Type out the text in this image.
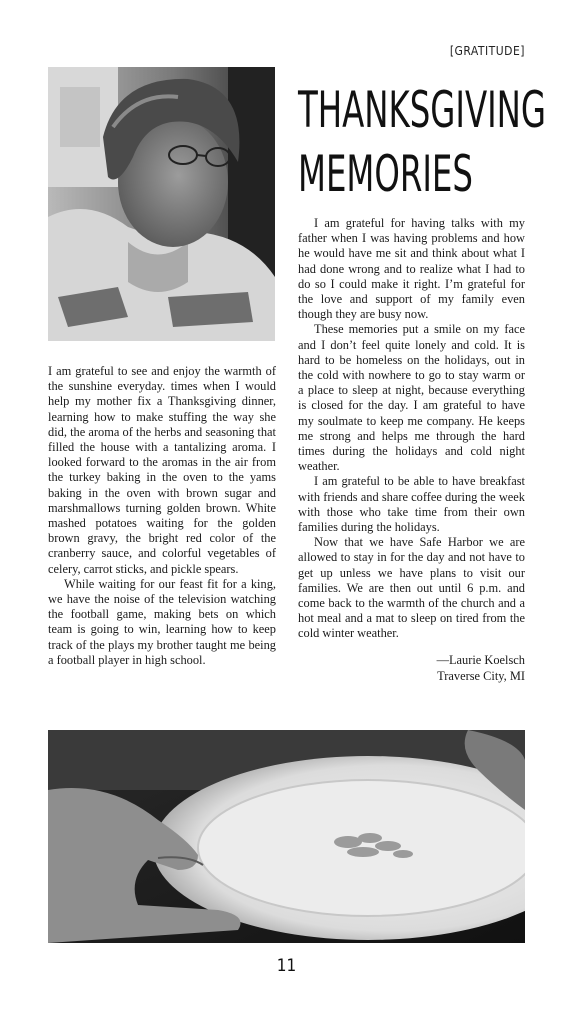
[GRATITUDE]
THANKSGIVING
MEMORIES

I am grateful to see and enjoy the warmth of the sunshine everyday. times when I would help my mother fix a Thanksgiving dinner, learning how to make stuffing the way she did, the aroma of the herbs and seasoning that filled the house with a tantalizing aroma. I looked forward to the aromas in the air from the turkey baking in the oven to the yams baking in the oven with brown sugar and marshmallows turning golden brown. White mashed potatoes waiting for the golden brown gravy, the bright red color of the cranberry sauce, and colorful vegetables of celery, carrot sticks, and pickle spears.

While waiting for our feast fit for a king, we have the noise of the television watching the football game, making bets on which team is going to win, learning how to keep track of the plays my brother taught me being a football player in high school.

I am grateful for having talks with my father when I was having problems and how he would have me sit and think about what I had done wrong and to realize what I had to do so I could make it right. I’m grateful for the love and support of my family even though they are busy now.

These memories put a smile on my face and I don’t feel quite lonely and cold. It is hard to be homeless on the holidays, out in the cold with nowhere to go to stay warm or a place to sleep at night, because everything is closed for the day. I am grateful to have my soulmate to keep me company. He keeps me strong and helps me through the hard times during the holidays and cold night weather.

I am grateful to be able to have breakfast with friends and share coffee during the week with those who take time from their own families during the holidays.

Now that we have Safe Harbor we are allowed to stay in for the day and not have to get up unless we have plans to visit our families. We are then out until 6 p.m. and come back to the warmth of the church and a hot meal and a mat to sleep on tired from the cold winter weather.

—Laurie Koelsch
Traverse City, MI
11
